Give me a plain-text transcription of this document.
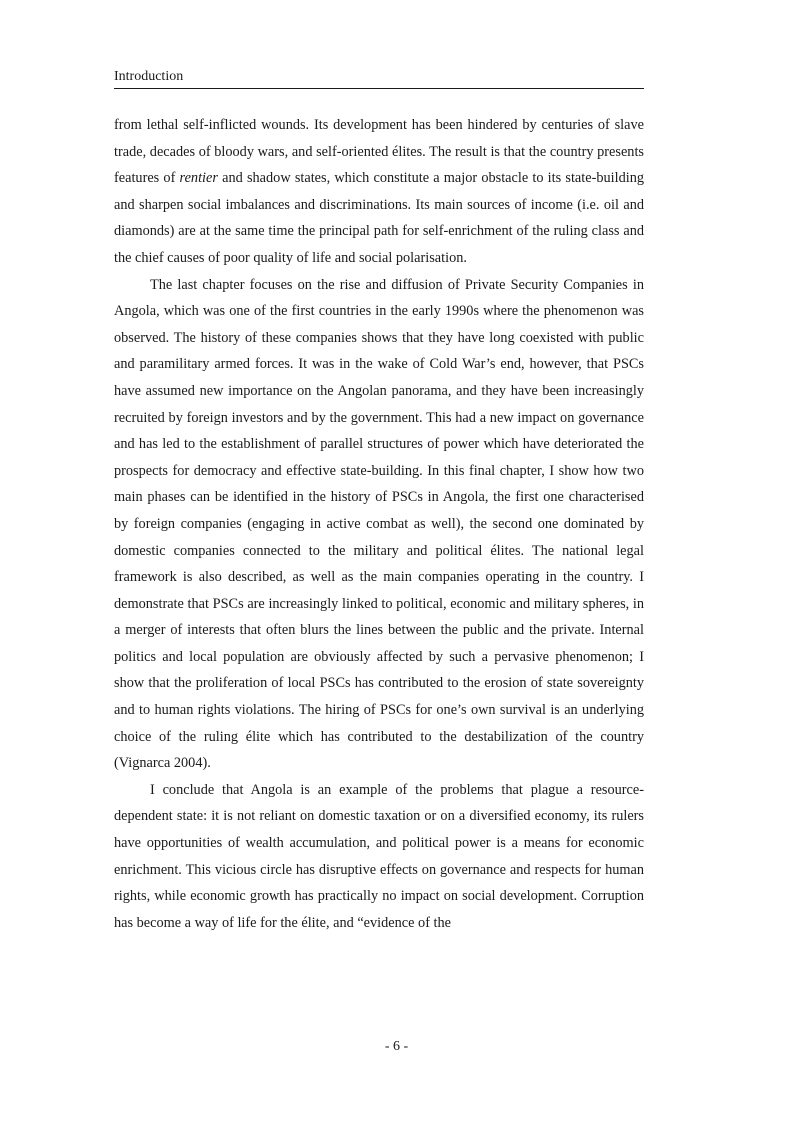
Introduction

from lethal self-inflicted wounds. Its development has been hindered by centuries of slave trade, decades of bloody wars, and self-oriented élites. The result is that the country presents features of rentier and shadow states, which constitute a major obstacle to its state-building and sharpen social imbalances and discriminations. Its main sources of income (i.e. oil and diamonds) are at the same time the principal path for self-enrichment of the ruling class and the chief causes of poor quality of life and social polarisation.

The last chapter focuses on the rise and diffusion of Private Security Companies in Angola, which was one of the first countries in the early 1990s where the phenomenon was observed. The history of these companies shows that they have long coexisted with public and paramilitary armed forces. It was in the wake of Cold War’s end, however, that PSCs have assumed new importance on the Angolan panorama, and they have been increasingly recruited by foreign investors and by the government. This had a new impact on governance and has led to the establishment of parallel structures of power which have deteriorated the prospects for democracy and effective state-building. In this final chapter, I show how two main phases can be identified in the history of PSCs in Angola, the first one characterised by foreign companies (engaging in active combat as well), the second one dominated by domestic companies connected to the military and political élites. The national legal framework is also described, as well as the main companies operating in the country. I demonstrate that PSCs are increasingly linked to political, economic and military spheres, in a merger of interests that often blurs the lines between the public and the private. Internal politics and local population are obviously affected by such a pervasive phenomenon; I show that the proliferation of local PSCs has contributed to the erosion of state sovereignty and to human rights violations. The hiring of PSCs for one’s own survival is an underlying choice of the ruling élite which has contributed to the destabilization of the country (Vignarca 2004).

I conclude that Angola is an example of the problems that plague a resource-dependent state: it is not reliant on domestic taxation or on a diversified economy, its rulers have opportunities of wealth accumulation, and political power is a means for economic enrichment. This vicious circle has disruptive effects on governance and respects for human rights, while economic growth has practically no impact on social development. Corruption has become a way of life for the élite, and “evidence of the

- 6 -
